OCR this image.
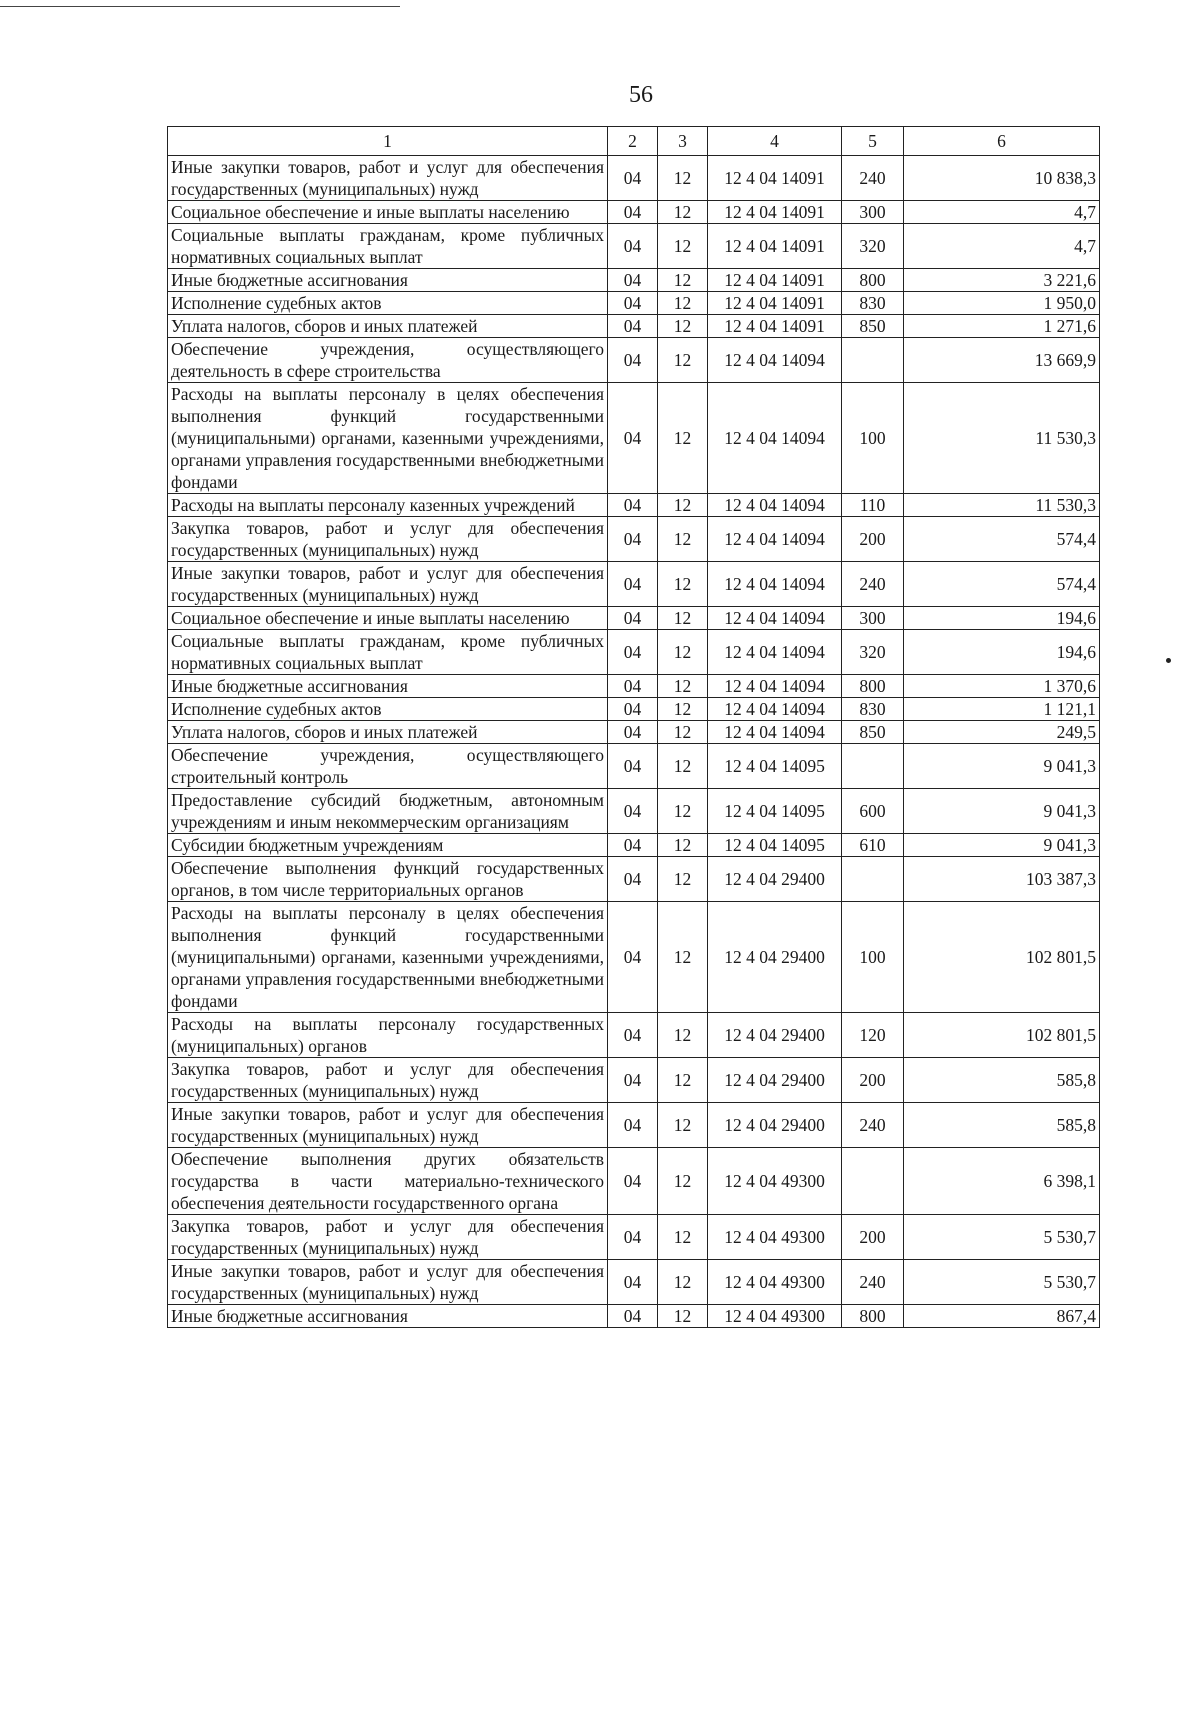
56
1	2	3	4	5	6
Иные закупки товаров, работ и услуг для обеспечения государственных (муниципальных) нужд	04	12	12 4 04 14091	240	10 838,3
Социальное обеспечение и иные выплаты населению	04	12	12 4 04 14091	300	4,7
Социальные выплаты гражданам, кроме публичных нормативных социальных выплат	04	12	12 4 04 14091	320	4,7
Иные бюджетные ассигнования	04	12	12 4 04 14091	800	3 221,6
Исполнение судебных актов	04	12	12 4 04 14091	830	1 950,0
Уплата налогов, сборов и иных платежей	04	12	12 4 04 14091	850	1 271,6
Обеспечение учреждения, осуществляющего деятельность в сфере строительства	04	12	12 4 04 14094		13 669,9
Расходы на выплаты персоналу в целях обеспечения выполнения функций государственными (муниципальными) органами, казенными учреждениями, органами управления государственными внебюджетными фондами	04	12	12 4 04 14094	100	11 530,3
Расходы на выплаты персоналу казенных учреждений	04	12	12 4 04 14094	110	11 530,3
Закупка товаров, работ и услуг для обеспечения государственных (муниципальных) нужд	04	12	12 4 04 14094	200	574,4
Иные закупки товаров, работ и услуг для обеспечения государственных (муниципальных) нужд	04	12	12 4 04 14094	240	574,4
Социальное обеспечение и иные выплаты населению	04	12	12 4 04 14094	300	194,6
Социальные выплаты гражданам, кроме публичных нормативных социальных выплат	04	12	12 4 04 14094	320	194,6
Иные бюджетные ассигнования	04	12	12 4 04 14094	800	1 370,6
Исполнение судебных актов	04	12	12 4 04 14094	830	1 121,1
Уплата налогов, сборов и иных платежей	04	12	12 4 04 14094	850	249,5
Обеспечение учреждения, осуществляющего строительный контроль	04	12	12 4 04 14095		9 041,3
Предоставление субсидий бюджетным, автономным учреждениям и иным некоммерческим организациям	04	12	12 4 04 14095	600	9 041,3
Субсидии бюджетным учреждениям	04	12	12 4 04 14095	610	9 041,3
Обеспечение выполнения функций государственных органов, в том числе территориальных органов	04	12	12 4 04 29400		103 387,3
Расходы на выплаты персоналу в целях обеспечения выполнения функций государственными (муниципальными) органами, казенными учреждениями, органами управления государственными внебюджетными фондами	04	12	12 4 04 29400	100	102 801,5
Расходы на выплаты персоналу государственных (муниципальных) органов	04	12	12 4 04 29400	120	102 801,5
Закупка товаров, работ и услуг для обеспечения государственных (муниципальных) нужд	04	12	12 4 04 29400	200	585,8
Иные закупки товаров, работ и услуг для обеспечения государственных (муниципальных) нужд	04	12	12 4 04 29400	240	585,8
Обеспечение выполнения других обязательств государства в части материально-технического обеспечения деятельности государственного органа	04	12	12 4 04 49300		6 398,1
Закупка товаров, работ и услуг для обеспечения государственных (муниципальных) нужд	04	12	12 4 04 49300	200	5 530,7
Иные закупки товаров, работ и услуг для обеспечения государственных (муниципальных) нужд	04	12	12 4 04 49300	240	5 530,7
Иные бюджетные ассигнования	04	12	12 4 04 49300	800	867,4
